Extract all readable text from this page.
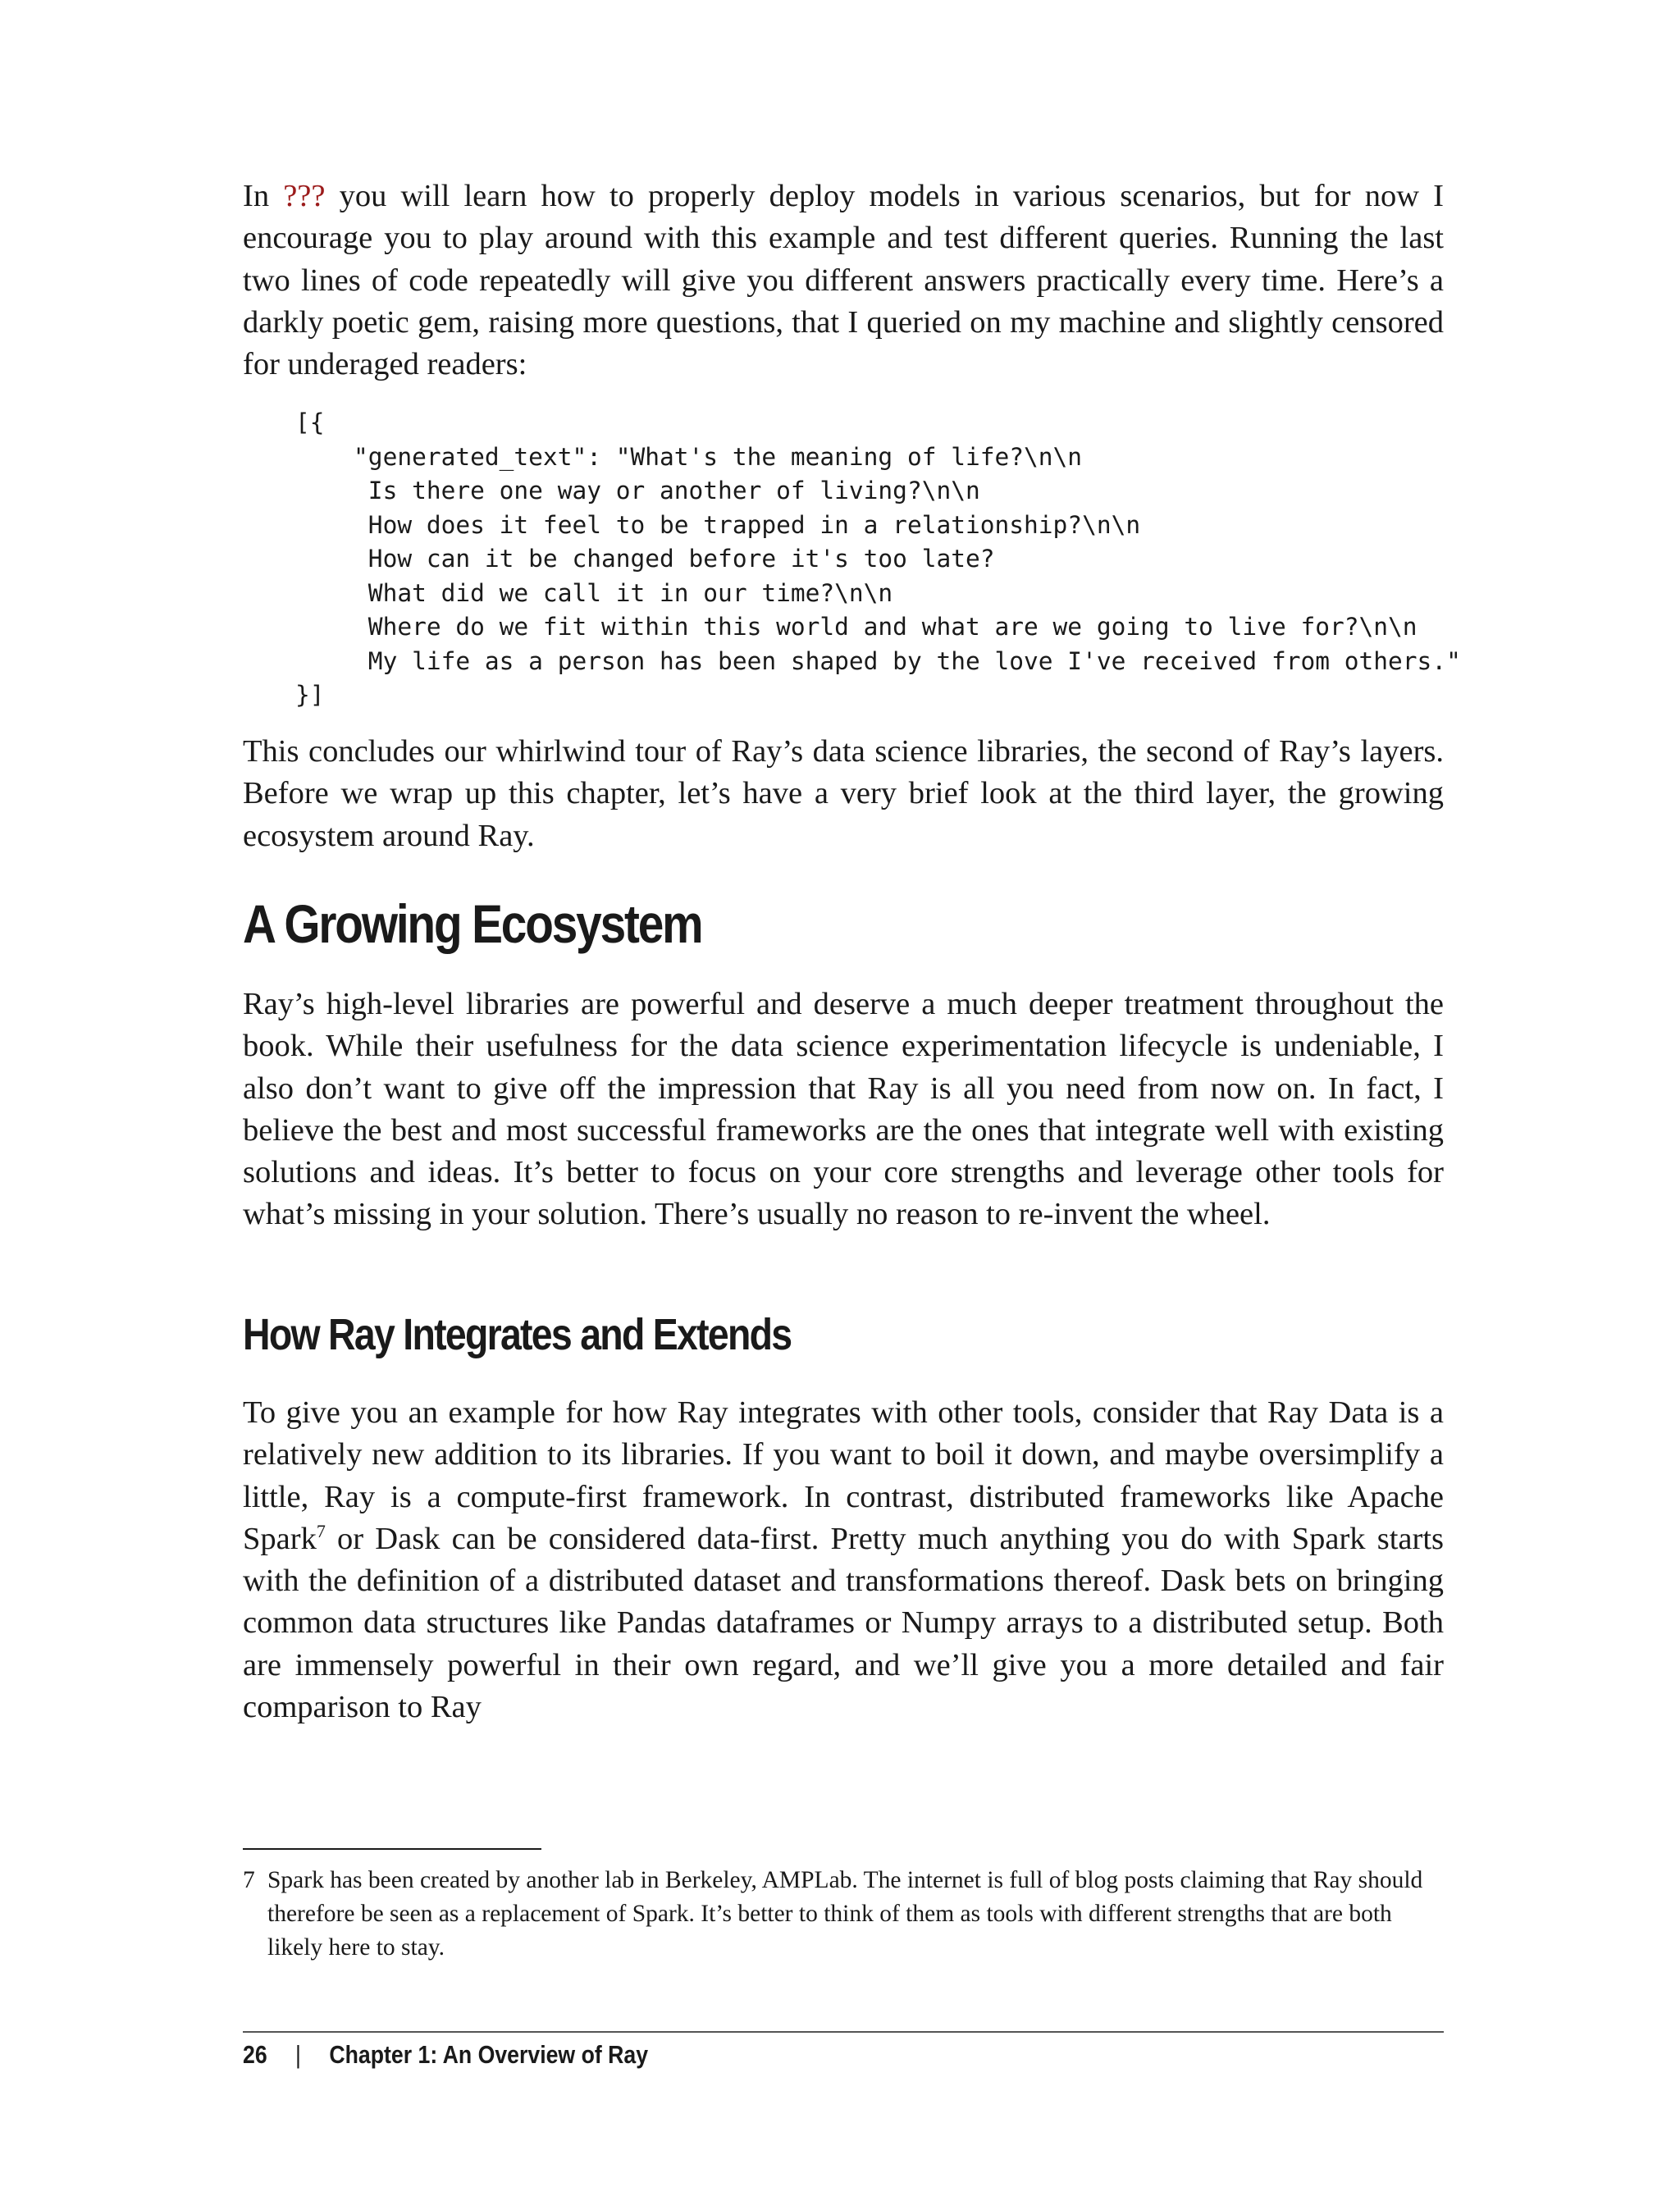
In ??? you will learn how to properly deploy models in various scenarios, but for now I encourage you to play around with this example and test different queries. Running the last two lines of code repeatedly will give you different answers practically every time. Here’s a darkly poetic gem, raising more questions, that I queried on my machine and slightly censored for underaged readers:

[{
"generated_text": "What's the meaning of life?\n\n
Is there one way or another of living?\n\n
How does it feel to be trapped in a relationship?\n\n
How can it be changed before it's too late?
What did we call it in our time?\n\n
Where do we fit within this world and what are we going to live for?\n\n
My life as a person has been shaped by the love I've received from others."
}]

This concludes our whirlwind tour of Ray’s data science libraries, the second of Ray’s layers. Before we wrap up this chapter, let’s have a very brief look at the third layer, the growing ecosystem around Ray.

A Growing Ecosystem

Ray’s high-level libraries are powerful and deserve a much deeper treatment throughout the book. While their usefulness for the data science experimentation lifecycle is undeniable, I also don’t want to give off the impression that Ray is all you need from now on. In fact, I believe the best and most successful frameworks are the ones that integrate well with existing solutions and ideas. It’s better to focus on your core strengths and leverage other tools for what’s missing in your solution. There’s usually no reason to re-invent the wheel.

How Ray Integrates and Extends

To give you an example for how Ray integrates with other tools, consider that Ray Data is a relatively new addition to its libraries. If you want to boil it down, and maybe oversimplify a little, Ray is a compute-first framework. In contrast, distributed frameworks like Apache Spark$^7$ or Dask can be considered data-first. Pretty much anything you do with Spark starts with the definition of a distributed dataset and transformations thereof. Dask bets on bringing common data structures like Pandas dataframes or Numpy arrays to a distributed setup. Both are immensely powerful in their own regard, and we’ll give you a more detailed and fair comparison to Ray

7 Spark has been created by another lab in Berkeley, AMPLab. The internet is full of blog posts claiming that Ray should therefore be seen as a replacement of Spark. It’s better to think of them as tools with different strengths that are both likely here to stay.
26 | Chapter 1: An Overview of Ray
